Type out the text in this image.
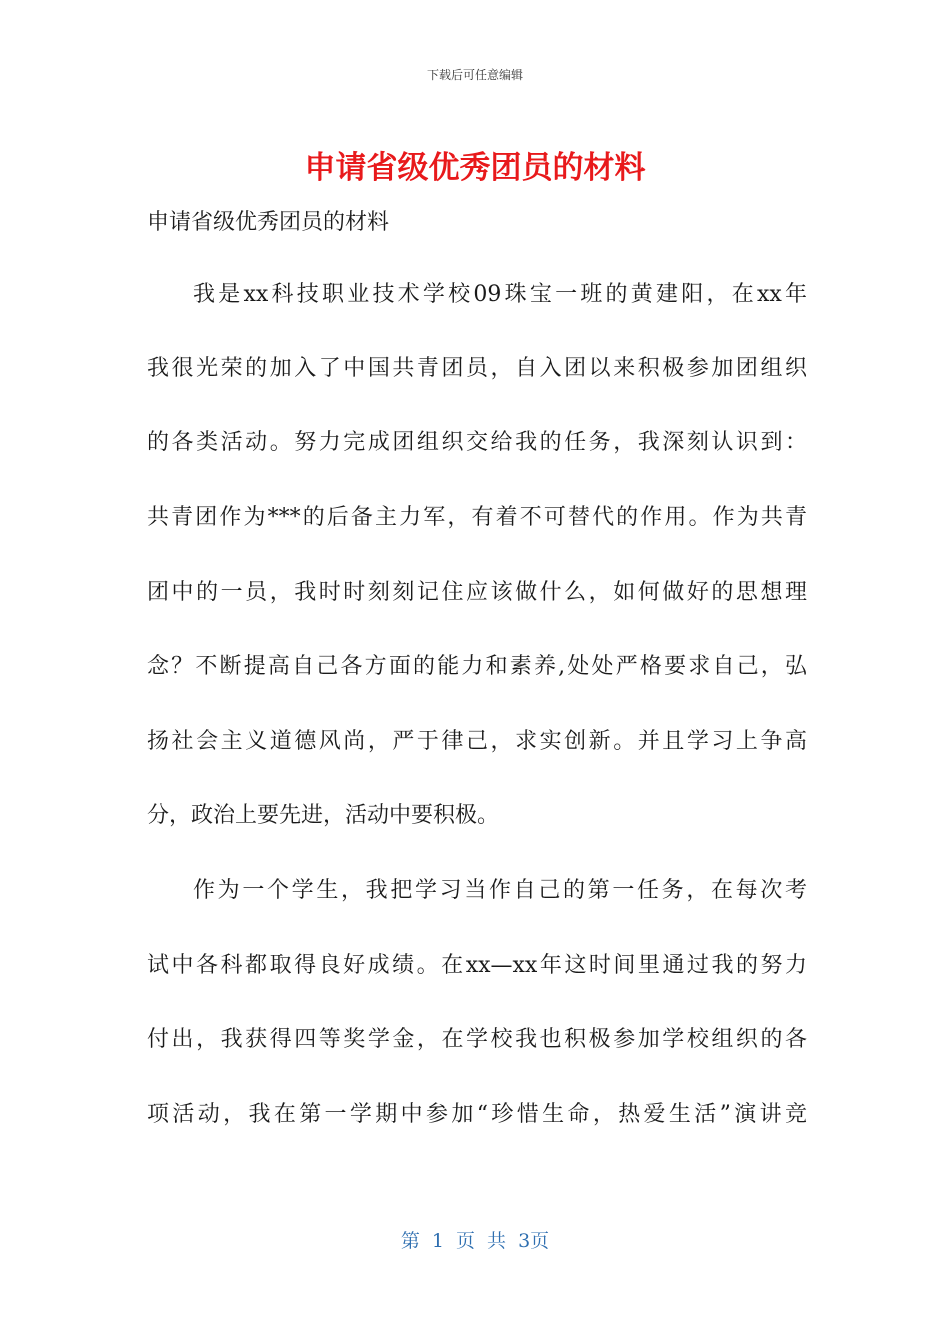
下载后可任意编辑
申请省级优秀团员的材料
申请省级优秀团员的材料
我是xx科技职业技术学校09珠宝一班的黄建阳，在xx年
我很光荣的加入了中国共青团员，自入团以来积极参加团组织
的各类活动。努力完成团组织交给我的任务，我深刻认识到：
共青团作为***的后备主力军，有着不可替代的作用。作为共青
团中的一员，我时时刻刻记住应该做什么，如何做好的思想理
念？不断提高自己各方面的能力和素养,处处严格要求自己，弘
扬社会主义道德风尚，严于律己，求实创新。并且学习上争高
分，政治上要先进，活动中要积极。
作为一个学生，我把学习当作自己的第一任务，在每次考
试中各科都取得良好成绩。在xx—xx年这时间里通过我的努力
付出，我获得四等奖学金，在学校我也积极参加学校组织的各
项活动，我在第一学期中参加“珍惜生命，热爱生活”演讲竞
第 1 页 共 3页
